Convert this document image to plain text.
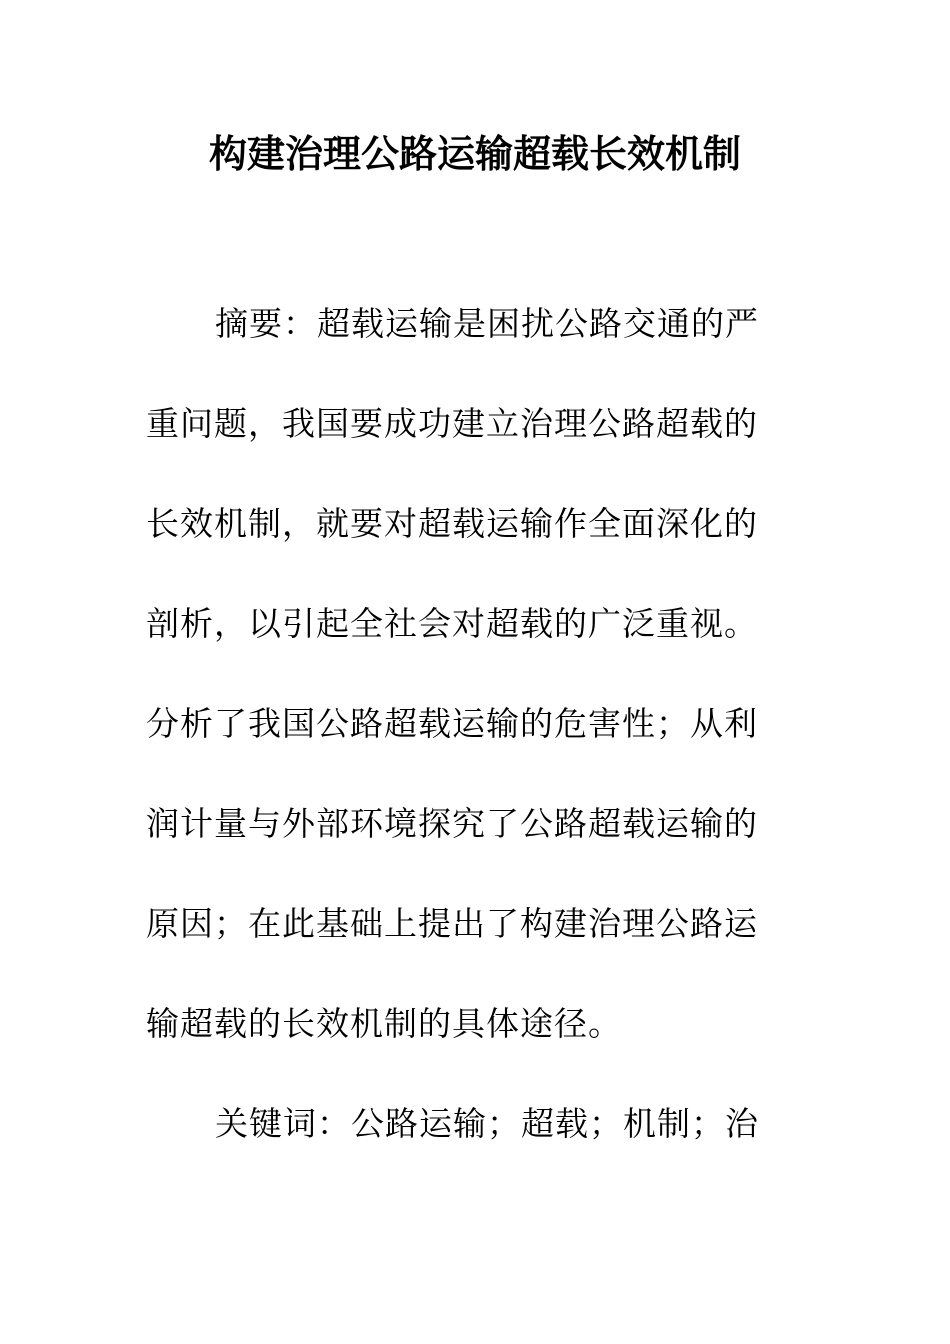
构建治理公路运输超载长效机制
摘要：超载运输是困扰公路交通的严
重问题，我国要成功建立治理公路超载的
长效机制，就要对超载运输作全面深化的
剖析，以引起全社会对超载的广泛重视。
分析了我国公路超载运输的危害性；从利
润计量与外部环境探究了公路超载运输的
原因；在此基础上提出了构建治理公路运
输超载的长效机制的具体途径。
关键词：公路运输；超载；机制；治
